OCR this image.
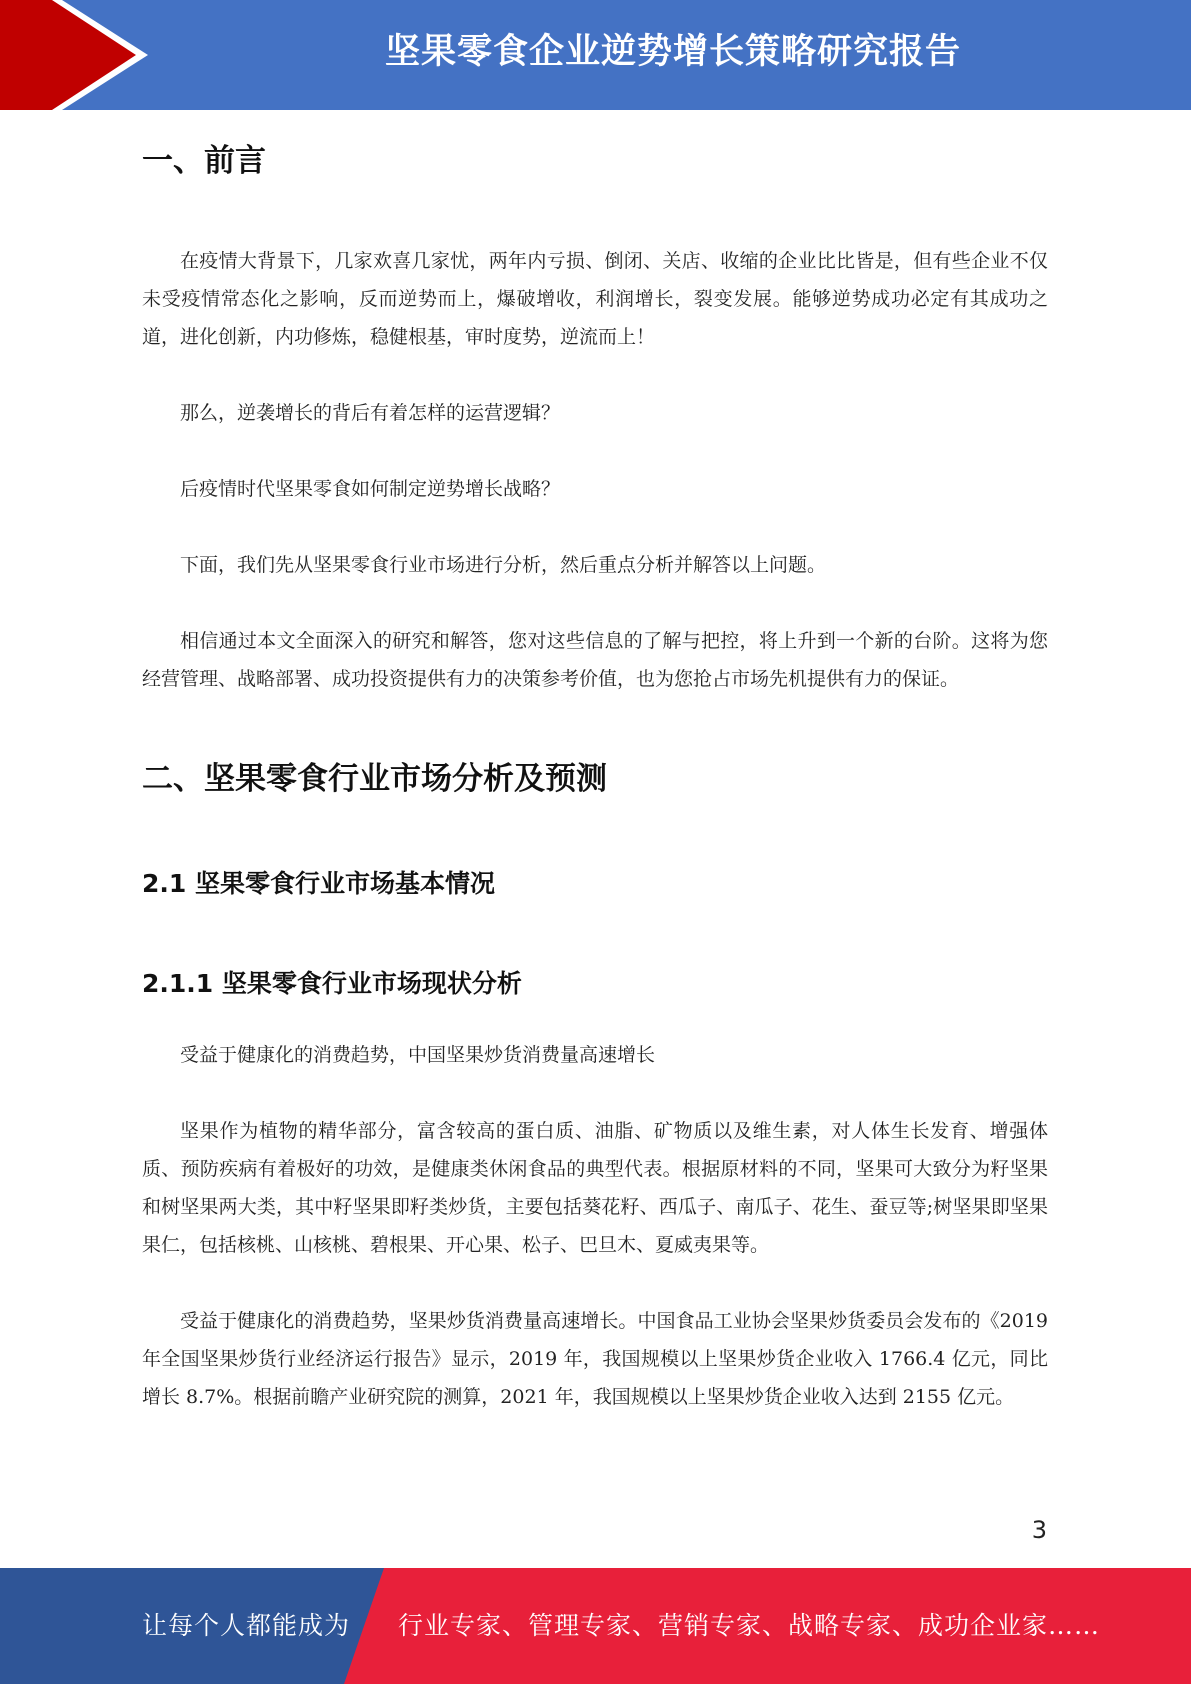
坚果零食企业逆势增长策略研究报告
一、前言

在疫情大背景下，几家欢喜几家忧，两年内亏损、倒闭、关店、收缩的企业比比皆是，但有些企业不仅未受疫情常态化之影响，反而逆势而上，爆破增收，利润增长，裂变发展。能够逆势成功必定有其成功之道，进化创新，内功修炼，稳健根基，审时度势，逆流而上！

那么，逆袭增长的背后有着怎样的运营逻辑？

后疫情时代坚果零食如何制定逆势增长战略？

下面，我们先从坚果零食行业市场进行分析，然后重点分析并解答以上问题。

相信通过本文全面深入的研究和解答，您对这些信息的了解与把控，将上升到一个新的台阶。这将为您经营管理、战略部署、成功投资提供有力的决策参考价值，也为您抢占市场先机提供有力的保证。

二、坚果零食行业市场分析及预测
2.1 坚果零食行业市场基本情况
2.1.1 坚果零食行业市场现状分析

受益于健康化的消费趋势，中国坚果炒货消费量高速增长

坚果作为植物的精华部分，富含较高的蛋白质、油脂、矿物质以及维生素，对人体生长发育、增强体质、预防疾病有着极好的功效，是健康类休闲食品的典型代表。根据原材料的不同，坚果可大致分为籽坚果和树坚果两大类，其中籽坚果即籽类炒货，主要包括葵花籽、西瓜子、南瓜子、花生、蚕豆等;树坚果即坚果果仁，包括核桃、山核桃、碧根果、开心果、松子、巴旦木、夏威夷果等。

受益于健康化的消费趋势，坚果炒货消费量高速增长。中国食品工业协会坚果炒货委员会发布的《2019 年全国坚果炒货行业经济运行报告》显示，2019 年，我国规模以上坚果炒货企业收入 1766.4 亿元，同比增长 8.7%。根据前瞻产业研究院的测算，2021 年，我国规模以上坚果炒货企业收入达到 2155 亿元。

3
让每个人都能成为 行业专家、管理专家、营销专家、战略专家、成功企业家……
